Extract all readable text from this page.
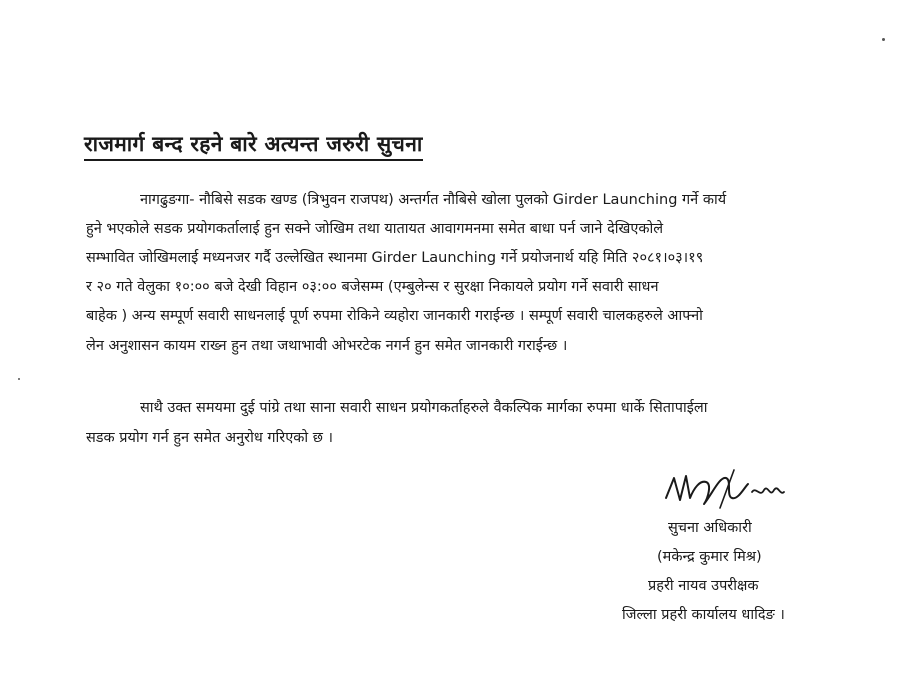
राजमार्ग बन्द रहने बारे अत्यन्त जरुरी सुचना
नागढुङगा- नौबिसे सडक खण्ड (त्रिभुवन राजपथ) अन्तर्गत नौबिसे खोला पुलको Girder Launching गर्ने कार्य
हुने भएकोले सडक प्रयोगकर्तालाई हुन सक्ने जोखिम तथा यातायत आवागमनमा समेत बाधा पर्न जाने देखिएकोले
सम्भावित जोखिमलाई मध्यनजर गर्दै उल्लेखित स्थानमा Girder Launching गर्ने प्रयोजनार्थ यहि मिति २०८१।०३।१९
र २० गते वेलुका १०:०० बजे देखी विहान ०३:०० बजेसम्म (एम्बुलेन्स र सुरक्षा निकायले प्रयोग गर्ने सवारी साधन
बाहेक ) अन्य सम्पूर्ण सवारी साधनलाई पूर्ण रुपमा रोकिने व्यहोरा जानकारी गराईन्छ । सम्पूर्ण सवारी चालकहरुले आफ्नो
लेन अनुशासन कायम राख्न हुन तथा जथाभावी ओभरटेक नगर्न हुन समेत जानकारी गराईन्छ ।
साथै उक्त समयमा दुई पांग्रे तथा साना सवारी साधन प्रयोगकर्ताहरुले वैकल्पिक मार्गका रुपमा धार्के सितापाईला
सडक प्रयोग गर्न हुन समेत अनुरोध गरिएको छ ।
सुचना अधिकारी
(मकेन्द्र कुमार मिश्र)
प्रहरी नायव उपरीक्षक
जिल्ला प्रहरी कार्यालय धादिङ ।
